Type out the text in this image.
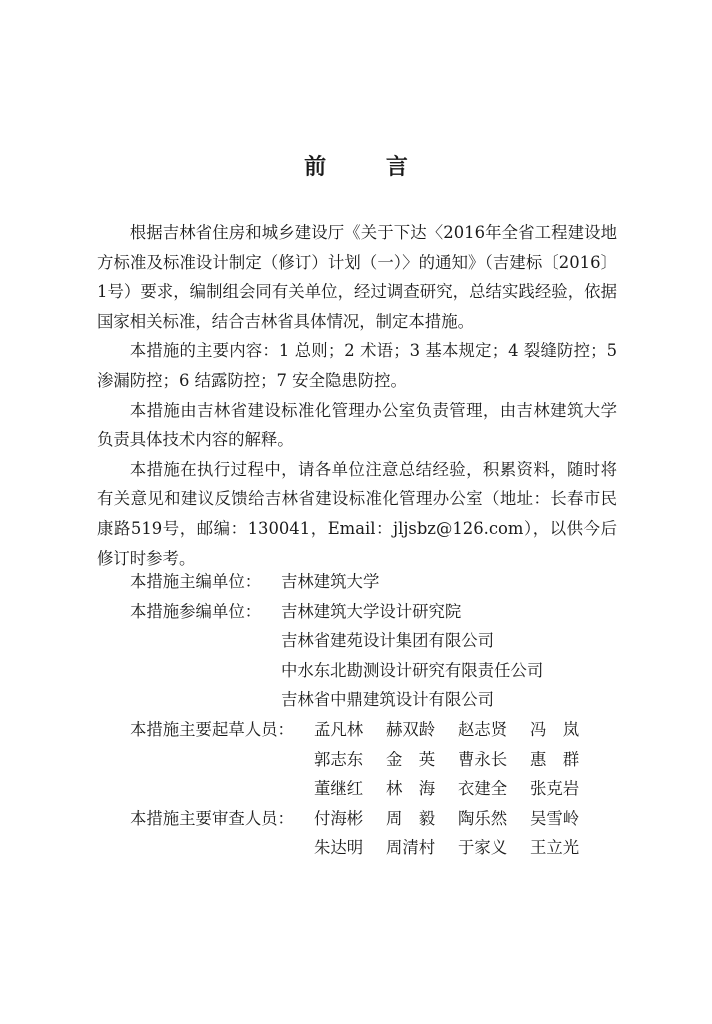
前 言

根据吉林省住房和城乡建设厅《关于下达〈2016年全省工程建设地方标准及标准设计制定（修订）计划（一）〉的通知》（吉建标〔2016〕1号）要求，编制组会同有关单位，经过调查研究，总结实践经验，依据国家相关标准，结合吉林省具体情况，制定本措施。

本措施的主要内容：1 总则；2 术语；3 基本规定；4 裂缝防控；5 渗漏防控；6 结露防控；7 安全隐患防控。

本措施由吉林省建设标准化管理办公室负责管理，由吉林建筑大学负责具体技术内容的解释。

本措施在执行过程中，请各单位注意总结经验，积累资料，随时将有关意见和建议反馈给吉林省建设标准化管理办公室（地址：长春市民康路519号，邮编：130041，Email：jljsbz@126.com），以供今后修订时参考。

本措施主编单位：	吉林建筑大学
本措施参编单位：	吉林建筑大学设计研究院
吉林省建苑设计集团有限公司
中水东北勘测设计研究有限责任公司
吉林省中鼎建筑设计有限公司
本措施主要起草人员：	孟凡林	赫双龄	赵志贤	冯　岚
郭志东	金　英	曹永长	惠　群
董继红	林　海	衣建全	张克岩
本措施主要审查人员：	付海彬	周　毅	陶乐然	吴雪岭
朱达明	周清村	于家义	王立光
